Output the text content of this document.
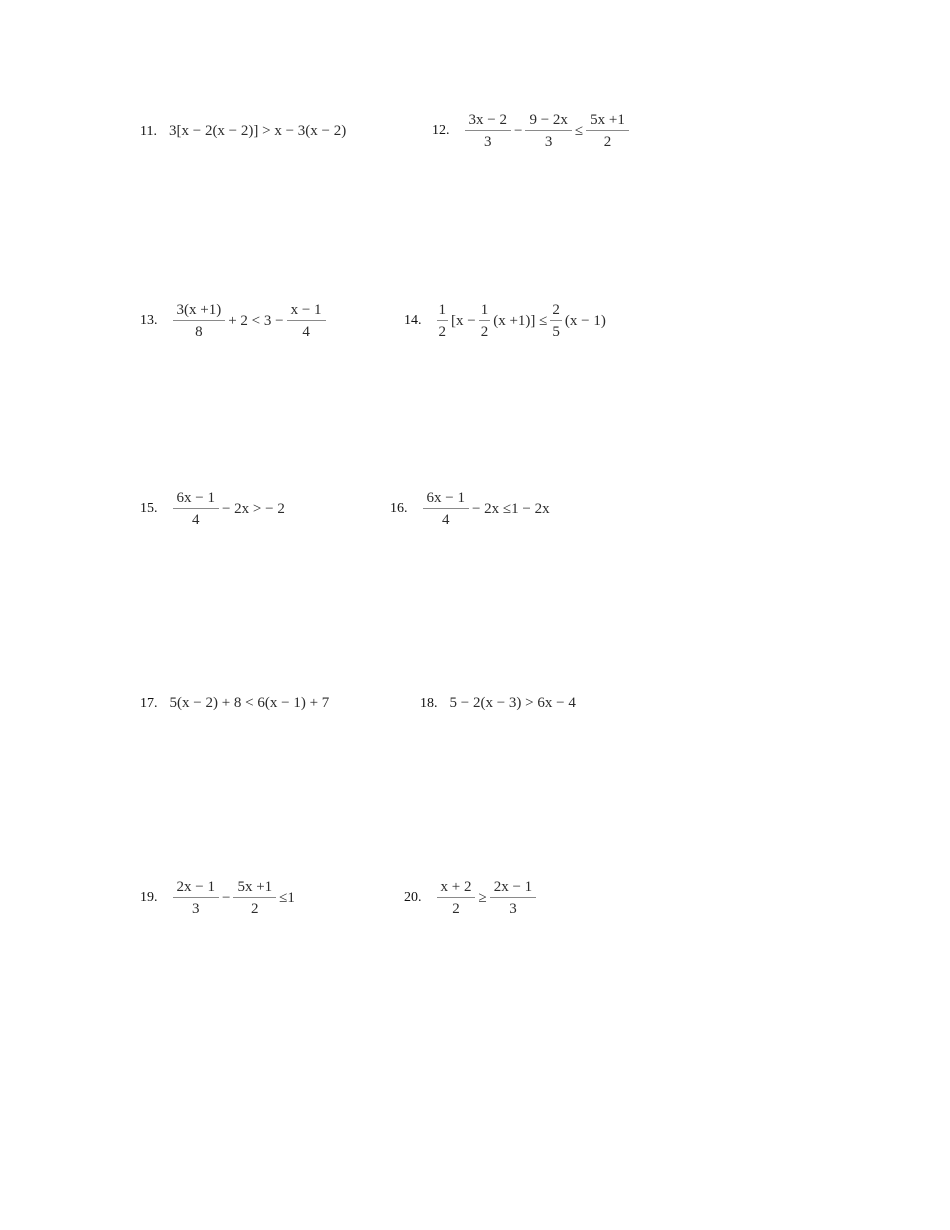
11. 3[x − 2(x − 2)] > x − 3(x − 2)	12. $\frac{3x - 2}{3} - \frac{9 - 2x}{3} \le \frac{5x +1}{2}$
13. $\frac{3(x +1)}{8} + 2 < 3 - \frac{x - 1}{4}$	14. $\frac{1}{2} [x - \frac{1}{2} (x +1)] \le \frac{2}{5} (x - 1)$
15. $\frac{6x - 1}{4} - 2x$ > − 2	16. $\frac{6x - 1}{4} - 2x \le 1 - 2x$
17. 5(x − 2) + 8 < 6(x − 1) + 7	18. 5 − 2(x − 3) > 6x − 4
19. $\frac{2x - 1}{3} - \frac{5x +1}{2} \le 1$	20. $\frac{x + 2}{2} \ge \frac{2x - 1}{3}$
